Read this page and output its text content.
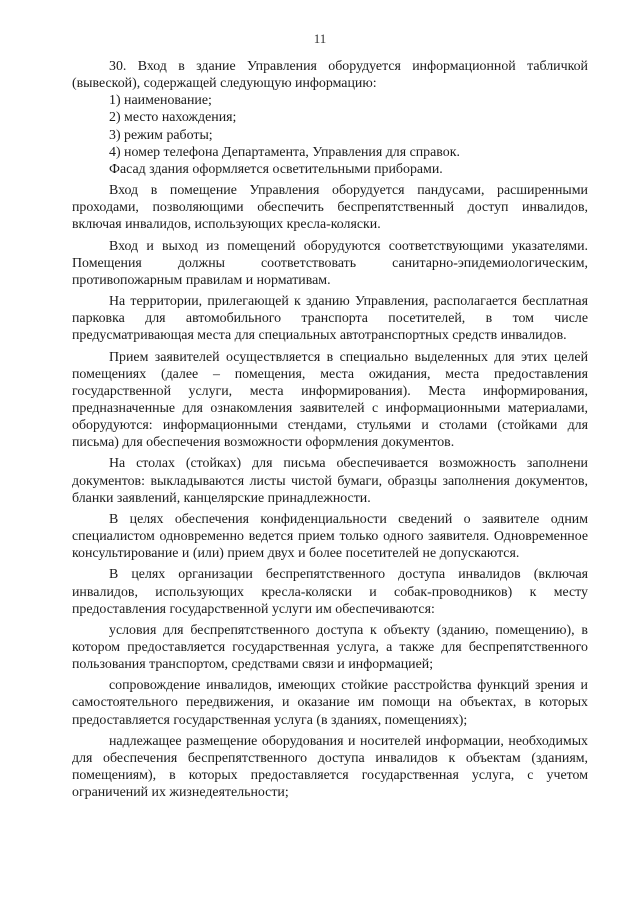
11

30. Вход в здание Управления оборудуется информационной табличкой (вывеской), содержащей следующую информацию:

1) наименование;

2) место нахождения;

3) режим работы;

4) номер телефона Департамента, Управления для справок.

Фасад здания оформляется осветительными приборами.

Вход в помещение Управления оборудуется пандусами, расширенными проходами, позволяющими обеспечить беспрепятственный доступ инвалидов, включая инвалидов, использующих кресла-коляски.

Вход и выход из помещений оборудуются соответствующими указателями. Помещения должны соответствовать санитарно-эпидемиологическим, противопожарным правилам и нормативам.

На территории, прилегающей к зданию Управления, располагается бесплатная парковка для автомобильного транспорта посетителей, в том числе предусматривающая места для специальных автотранспортных средств инвалидов.

Прием заявителей осуществляется в специально выделенных для этих целей помещениях (далее – помещения, места ожидания, места предоставления государственной услуги, места информирования). Места информирования, предназначенные для ознакомления заявителей с информационными материалами, оборудуются: информационными стендами, стульями и столами (стойками для письма) для обеспечения возможности оформления документов.

На столах (стойках) для письма обеспечивается возможность заполнени документов: выкладываются листы чистой бумаги, образцы заполнения документов, бланки заявлений, канцелярские принадлежности.

В целях обеспечения конфиденциальности сведений о заявителе одним специалистом одновременно ведется прием только одного заявителя. Одновременное консультирование и (или) прием двух и более посетителей не допускаются.

В целях организации беспрепятственного доступа инвалидов (включая инвалидов, использующих кресла-коляски и собак-проводников) к месту предоставления государственной услуги им обеспечиваются:

условия для беспрепятственного доступа к объекту (зданию, помещению), в котором предоставляется государственная услуга, а также для беспрепятственного пользования транспортом, средствами связи и информацией;

сопровождение инвалидов, имеющих стойкие расстройства функций зрения и самостоятельного передвижения, и оказание им помощи на объектах, в которых предоставляется государственная услуга (в зданиях, помещениях);

надлежащее размещение оборудования и носителей информации, необходимых для обеспечения беспрепятственного доступа инвалидов к объектам (зданиям, помещениям), в которых предоставляется государственная услуга, с учетом ограничений их жизнедеятельности;
